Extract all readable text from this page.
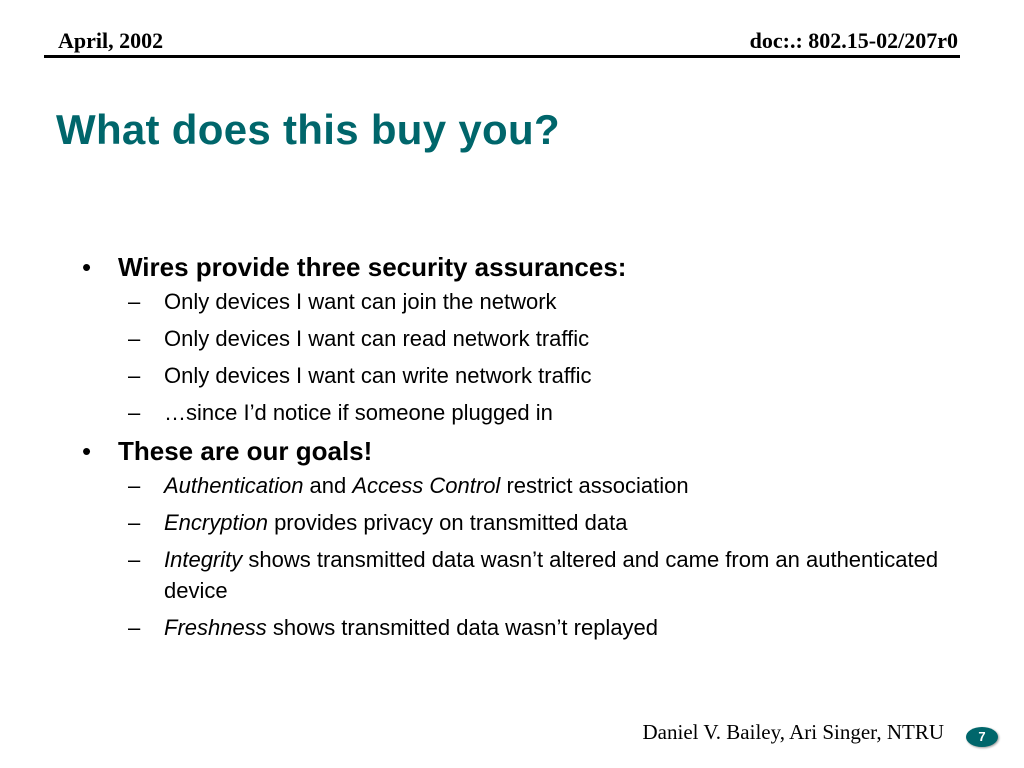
April, 2002	doc:.: 802.15-02/207r0
What does this buy you?
• Wires provide three security assurances:
– Only devices I want can join the network
– Only devices I want can read network traffic
– Only devices I want can write network traffic
– …since I’d notice if someone plugged in
• These are our goals!
– Authentication and Access Control restrict association
– Encryption provides privacy on transmitted data
– Integrity shows transmitted data wasn’t altered and came from an authenticated device
– Freshness shows transmitted data wasn’t replayed
Daniel V. Bailey, Ari Singer, NTRU	7
